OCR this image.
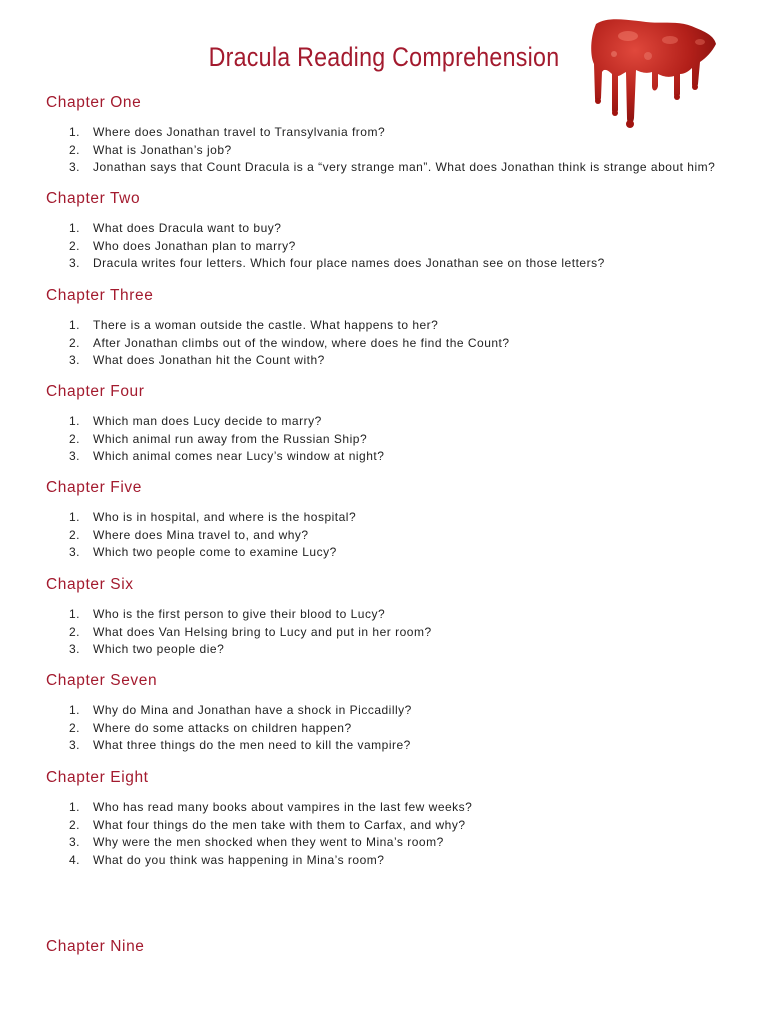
Dracula Reading Comprehension
Chapter One
1. Where does Jonathan travel to Transylvania from?
2. What is Jonathan’s job?
3. Jonathan says that Count Dracula is a “very strange man”. What does Jonathan think is strange about him?
Chapter Two
1. What does Dracula want to buy?
2. Who does Jonathan plan to marry?
3. Dracula writes four letters. Which four place names does Jonathan see on those letters?
Chapter Three
1. There is a woman outside the castle. What happens to her?
2. After Jonathan climbs out of the window, where does he find the Count?
3. What does Jonathan hit the Count with?
Chapter Four
1. Which man does Lucy decide to marry?
2. Which animal run away from the Russian Ship?
3. Which animal comes near Lucy’s window at night?
Chapter Five
1. Who is in hospital, and where is the hospital?
2. Where does Mina travel to, and why?
3. Which two people come to examine Lucy?
Chapter Six
1. Who is the first person to give their blood to Lucy?
2. What does Van Helsing bring to Lucy and put in her room?
3. Which two people die?
Chapter Seven
1. Why do Mina and Jonathan have a shock in Piccadilly?
2. Where do some attacks on children happen?
3. What three things do the men need to kill the vampire?
Chapter Eight
1. Who has read many books about vampires in the last few weeks?
2. What four things do the men take with them to Carfax, and why?
3. Why were the men shocked when they went to Mina’s room?
4. What do you think was happening in Mina’s room?
Chapter Nine
